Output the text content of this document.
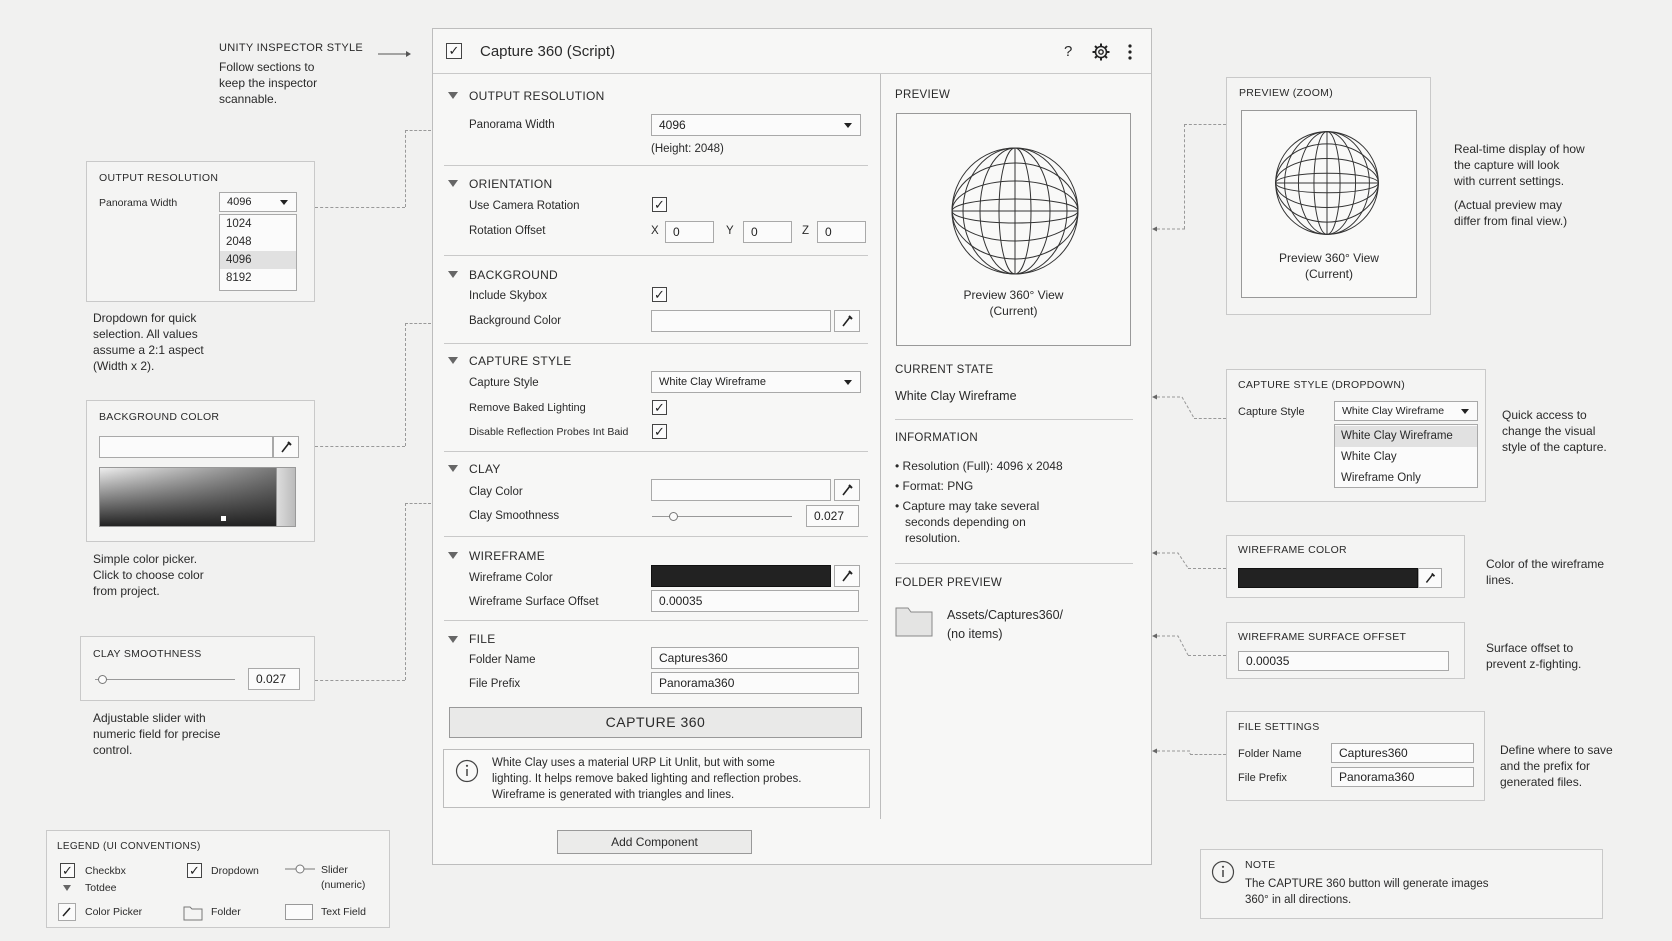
UNITY INSPECTOR STYLE
Follow sections to
keep the inspector
scannable.
OUTPUT RESOLUTION
Panorama Width	4096
1024
2048
4096
8192
Dropdown for quick
selection. All values
assume a 2:1 aspect
(Width x 2).
BACKGROUND COLOR
Simple color picker.
Click to choose color
from project.
CLAY SMOOTHNESS
0.027
Adjustable slider with
numeric field for precise
control.
LEGEND (UI CONVENTIONS)
✓ Checkbx
Totdee
✓ Dropdown	Slider
(numeric)
Color Picker	Folder	Text Field
✓ Capture 360 (Script)	?
OUTPUT RESOLUTION
Panorama Width	4096
(Height: 2048)
ORIENTATION
Use Camera Rotation	✓
Rotation Offset	X	0	Y	0	Z	0
BACKGROUND
Include Skybox	✓
Background Color
CAPTURE STYLE
Capture Style	White Clay Wireframe
Remove Baked Lighting	✓
Disable Reflection Probes Int Baid ✓
CLAY
Clay Color
Clay Smoothness	0.027
WIREFRAME
Wireframe Color
Wireframe Surface Offset	0.00035
FILE
Folder Name	Captures360
File Prefix	Panorama360
CAPTURE 360
White Clay uses a material URP Lit Unlit, but with some
lighting. It helps remove baked lighting and reflection probes.
Wireframe is generated with triangles and lines.
Add Component
PREVIEW
Preview 360° View
(Current)
CURRENT STATE
White Clay Wireframe
INFORMATION
• Resolution (Full): 4096 x 2048
• Format: PNG
• Capture may take several
seconds depending on
resolution.
FOLDER PREVIEW
Assets/Captures360/
(no items)
PREVIEW (ZOOM)
Preview 360° View
(Current)
Real-time display of how
the capture will look
with current settings.
(Actual preview may
differ from final view.)
CAPTURE STYLE (DROPDOWN)
Capture Style	White Clay Wireframe
White Clay Wireframe
White Clay
Wireframe Only
Quick access to
change the visual
style of the capture.
WIREFRAME COLOR
Color of the wireframe
lines.
WIREFRAME SURFACE OFFSET
0.00035
Surface offset to
prevent z-fighting.
FILE SETTINGS
Folder Name	Captures360
File Prefix	Panorama360
Define where to save
and the prefix for
generated files.
NOTE
The CAPTURE 360 button will generate images
360° in all directions.
